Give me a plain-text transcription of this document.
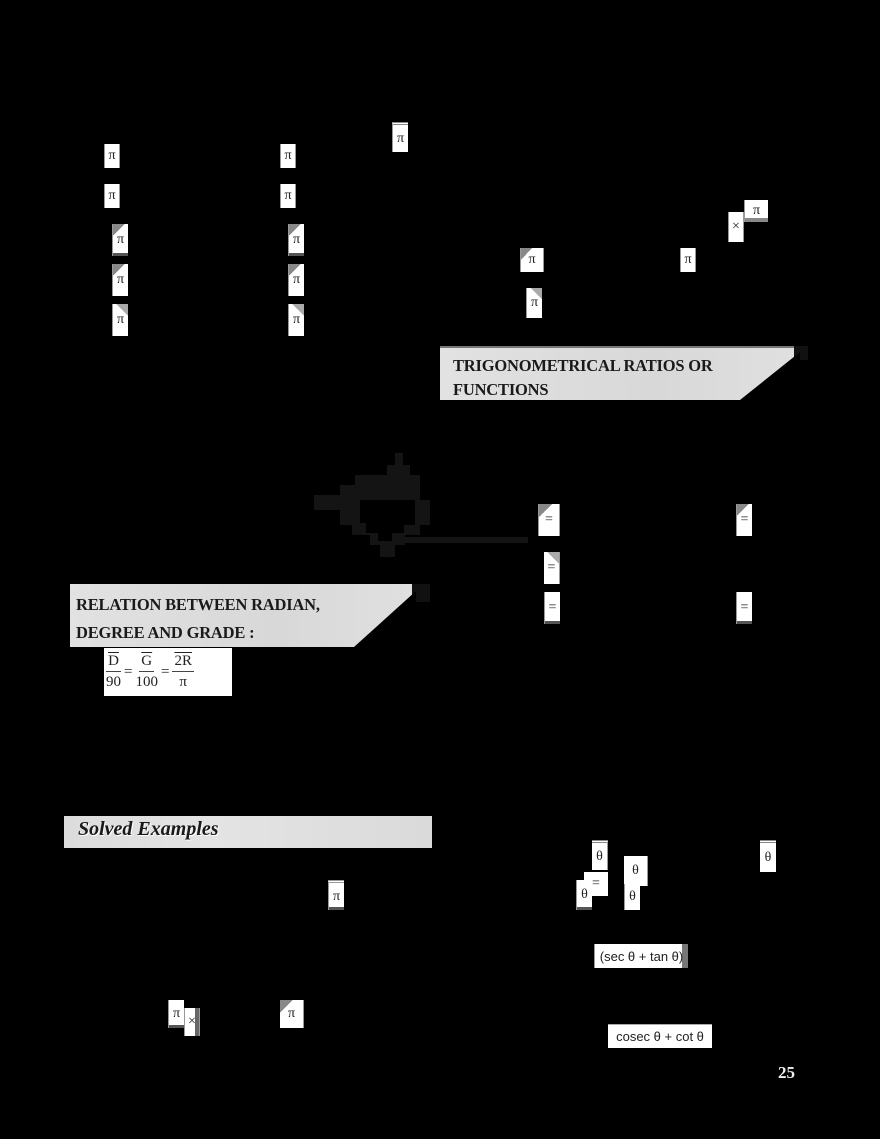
π	π
π
π	π
π	π
π	π
π	π
×
π
π	π
π
TRIGONOMETRICAL RATIOS OR
FUNCTIONS
=	=
=
=	=
RELATION BETWEEN RADIAN,
DEGREE AND GRADE :
$\frac{\overline{D}}{90} = \frac{\overline{G}}{100} = \frac{2R}{\pi}$
Solved Examples
π
π
×
π
θ
=
θ
θ
θ
θ
(sec θ + tan θ)
cosec θ + cot θ
25
